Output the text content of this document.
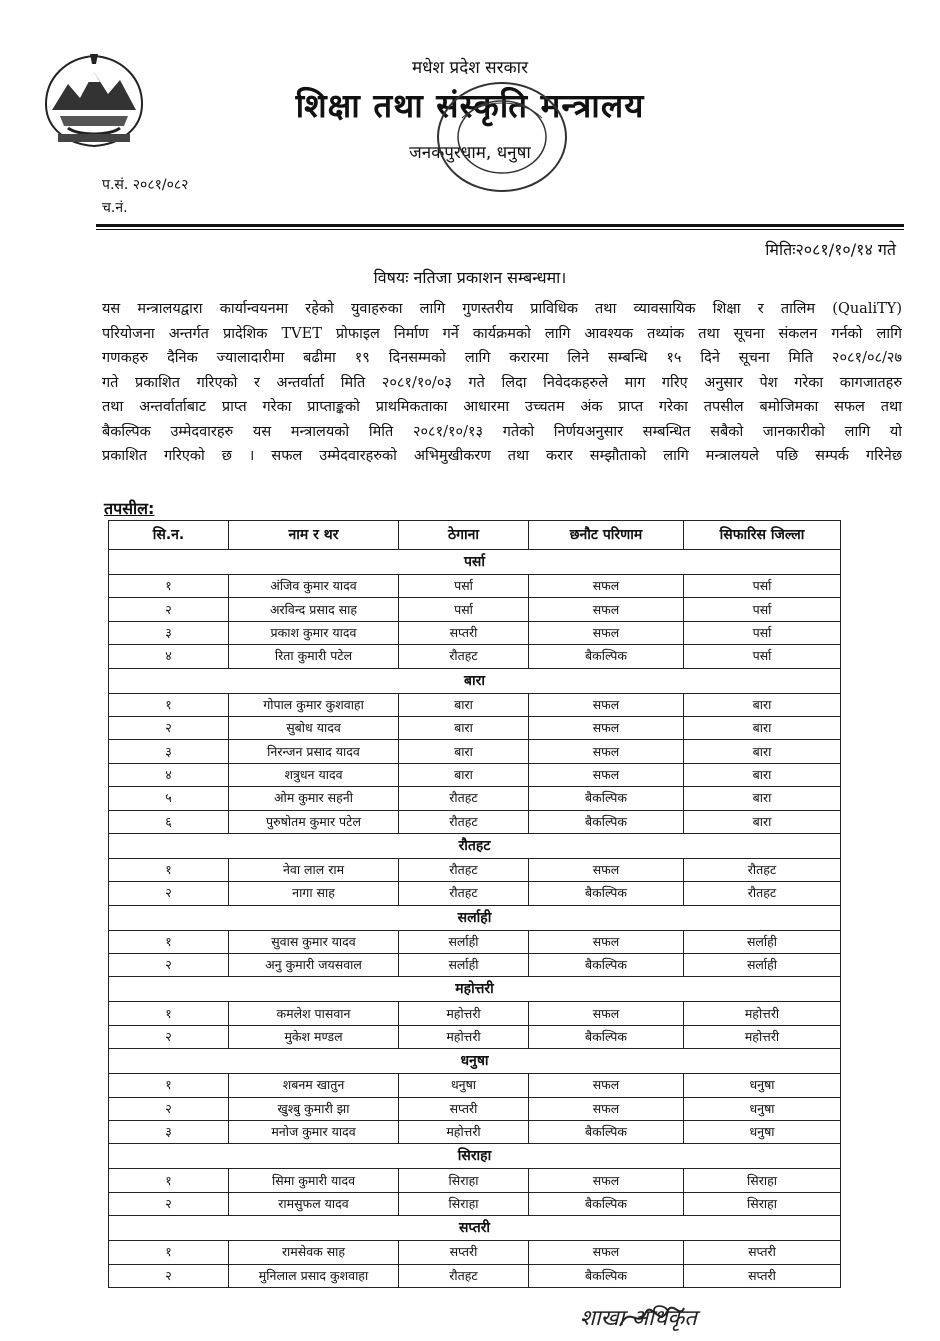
मधेश प्रदेश सरकार
शिक्षा तथा संस्कृति मन्त्रालय
जनकपुरधाम, धनुषा
प.सं. २०८१/०८२
च.नं.
मितिः२०८१/१०/१४ गते
विषयः नतिजा प्रकाशन सम्बन्धमा।
यस मन्त्रालयद्वारा कार्यान्वयनमा रहेको युवाहरुका लागि गुणस्तरीय प्राविधिक तथा व्यावसायिक शिक्षा र तालिम (QualiTY)
परियोजना अन्तर्गत प्रादेशिक TVET प्रोफाइल निर्माण गर्ने कार्यक्रमको लागि आवश्यक तथ्यांक तथा सूचना संकलन गर्नको लागि
गणकहरु दैनिक ज्यालादारीमा बढीमा १९ दिनसम्मको लागि करारमा लिने सम्बन्धि १५ दिने सूचना मिति २०८१/०८/२७
गते प्रकाशित गरिएको र अन्तर्वार्ता मिति २०८१/१०/०३ गते लिदा निवेदकहरुले माग गरिए अनुसार पेश गरेका कागजातहरु
तथा अन्तर्वार्ताबाट प्राप्त गरेका प्राप्ताङ्कको प्राथमिकताका आधारमा उच्चतम अंक प्राप्त गरेका तपसील बमोजिमका सफल तथा
बैकल्पिक उम्मेदवारहरु यस मन्त्रालयको मिति २०८१/१०/१३ गतेको निर्णयअनुसार सम्बन्धित सबैको जानकारीको लागि यो
प्रकाशित गरिएको छ । सफल उम्मेदवारहरुको अभिमुखीकरण तथा करार सम्झौताको लागि मन्त्रालयले पछि सम्पर्क गरिनेछ
तपसील:
सि.न.	नाम र थर	ठेगाना	छनौट परिणाम	सिफारिस जिल्ला
पर्सा				
१	अंजिव कुमार यादव	पर्सा	सफल	पर्सा
२	अरविन्द प्रसाद साह	पर्सा	सफल	पर्सा
३	प्रकाश कुमार यादव	सप्तरी	सफल	पर्सा
४	रिता कुमारी पटेल	रौतहट	बैकल्पिक	पर्सा
बारा				
१	गोपाल कुमार कुशवाहा	बारा	सफल	बारा
२	सुबोध यादव	बारा	सफल	बारा
३	निरन्जन प्रसाद यादव	बारा	सफल	बारा
४	शत्रुधन यादव	बारा	सफल	बारा
५	ओम कुमार सहनी	रौतहट	बैकल्पिक	बारा
६	पुरुषोतम कुमार पटेल	रौतहट	बैकल्पिक	बारा
रौतहट				
१	नेवा लाल राम	रौतहट	सफल	रौतहट
२	नागा साह	रौतहट	बैकल्पिक	रौतहट
सर्लाही				
१	सुवास कुमार यादव	सर्लाही	सफल	सर्लाही
२	अनु कुमारी जयसवाल	सर्लाही	बैकल्पिक	सर्लाही
महोत्तरी				
१	कमलेश पासवान	महोत्तरी	सफल	महोत्तरी
२	मुकेश मण्डल	महोत्तरी	बैकल्पिक	महोत्तरी
धनुषा				
१	शबनम खातुन	धनुषा	सफल	धनुषा
२	खुश्बु कुमारी झा	सप्तरी	सफल	धनुषा
३	मनोज कुमार यादव	महोत्तरी	बैकल्पिक	धनुषा
सिराहा				
१	सिमा कुमारी यादव	सिराहा	सफल	सिराहा
२	रामसुफल यादव	सिराहा	बैकल्पिक	सिराहा
सप्तरी				
१	रामसेवक साह	सप्तरी	सफल	सप्तरी
२	मुनिलाल प्रसाद कुशवाहा	रौतहट	बैकल्पिक	सप्तरी
शाखा अधिकृत
